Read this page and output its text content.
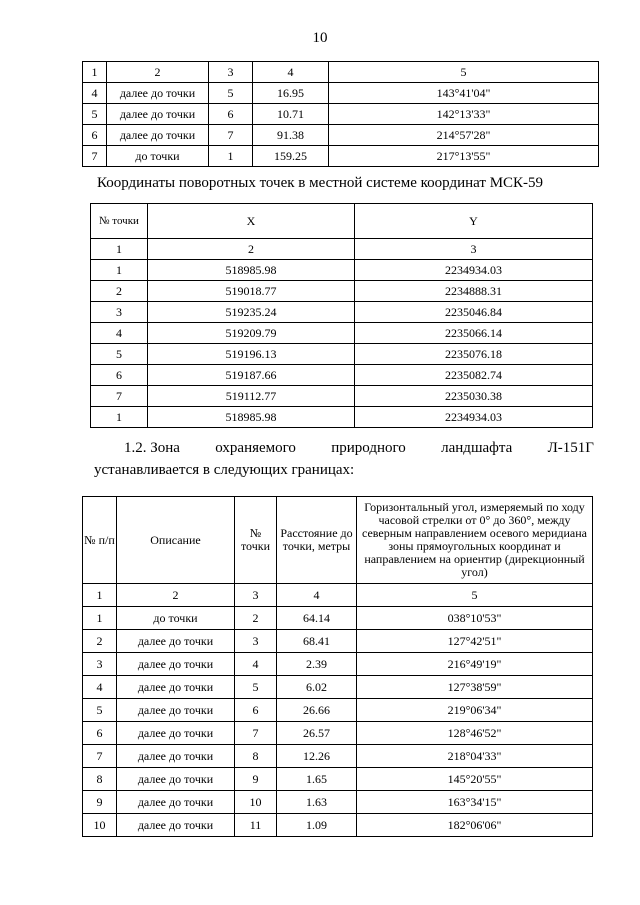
10
1	2	3	4	5
4	далее до точки	5	16.95	143°41'04"
5	далее до точки	6	10.71	142°13'33"
6	далее до точки	7	91.38	214°57'28"
7	до точки	1	159.25	217°13'55"
Координаты поворотных точек в местной системе координат МСК-59
№ точки	X	Y
1	2	3
1	518985.98	2234934.03
2	519018.77	2234888.31
3	519235.24	2235046.84
4	519209.79	2235066.14
5	519196.13	2235076.18
6	519187.66	2235082.74
7	519112.77	2235030.38
1	518985.98	2234934.03
1.2. Зона охраняемого природного ландшафта Л-151Г
устанавливается в следующих границах:
№ п/п	Описание	№ точки	Расстояние до точки, метры	Горизонтальный угол, измеряемый по ходу часовой стрелки от 0° до 360°, между северным направлением осевого меридиана зоны прямоугольных координат и направлением на ориентир (дирекционный угол)
1	2	3	4	5
1	до точки	2	64.14	038°10'53"
2	далее до точки	3	68.41	127°42'51"
3	далее до точки	4	2.39	216°49'19"
4	далее до точки	5	6.02	127°38'59"
5	далее до точки	6	26.66	219°06'34"
6	далее до точки	7	26.57	128°46'52"
7	далее до точки	8	12.26	218°04'33"
8	далее до точки	9	1.65	145°20'55"
9	далее до точки	10	1.63	163°34'15"
10	далее до точки	11	1.09	182°06'06"
